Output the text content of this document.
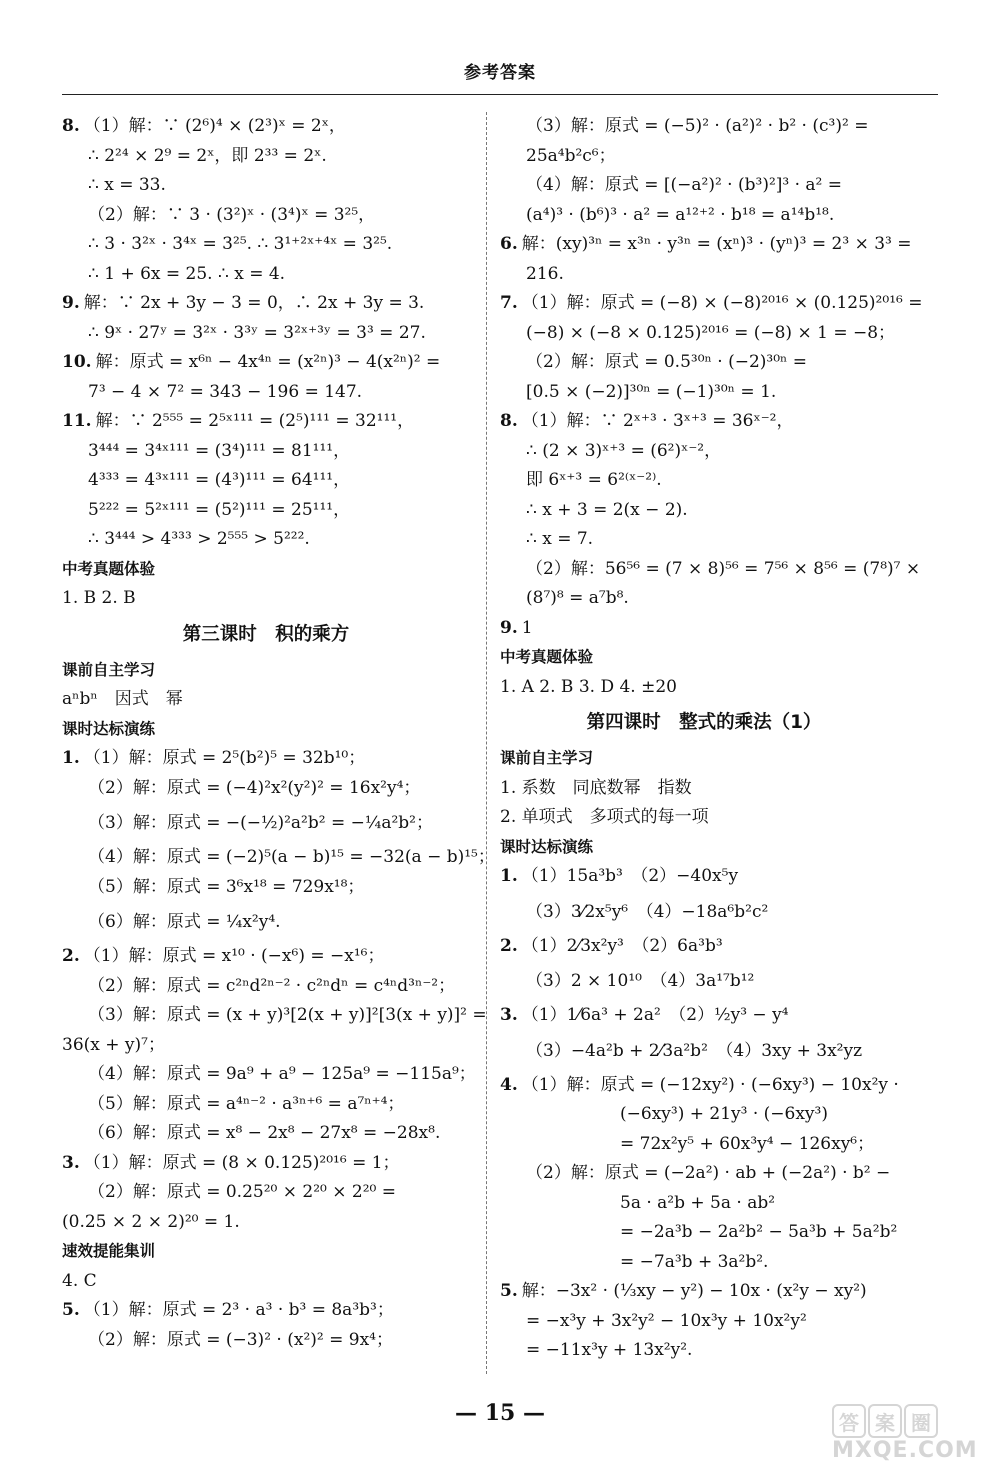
参考答案
8. （1）解：∵ (2⁶)⁴ × (2³)ˣ = 2ˣ，
∴ 2²⁴ × 2⁹ = 2ˣ，即 2³³ = 2ˣ.
∴ x = 33.
（2）解：∵ 3 · (3²)ˣ · (3⁴)ˣ = 3²⁵，
∴ 3 · 3²ˣ · 3⁴ˣ = 3²⁵. ∴ 3¹⁺²ˣ⁺⁴ˣ = 3²⁵.
∴ 1 + 6x = 25. ∴ x = 4.
9. 解：∵ 2x + 3y − 3 = 0，∴ 2x + 3y = 3.
∴ 9ˣ · 27ʸ = 3²ˣ · 3³ʸ = 3²ˣ⁺³ʸ = 3³ = 27.
10. 解：原式 = x⁶ⁿ − 4x⁴ⁿ = (x²ⁿ)³ − 4(x²ⁿ)² =
7³ − 4 × 7² = 343 − 196 = 147.
11. 解：∵ 2⁵⁵⁵ = 2⁵ˣ¹¹¹ = (2⁵)¹¹¹ = 32¹¹¹，
3⁴⁴⁴ = 3⁴ˣ¹¹¹ = (3⁴)¹¹¹ = 81¹¹¹，
4³³³ = 4³ˣ¹¹¹ = (4³)¹¹¹ = 64¹¹¹，
5²²² = 5²ˣ¹¹¹ = (5²)¹¹¹ = 25¹¹¹，
∴ 3⁴⁴⁴ > 4³³³ > 2⁵⁵⁵ > 5²²².
中考真题体验
1. B 2. B
第三课时　积的乘方
课前自主学习
aⁿbⁿ　因式　幂
课时达标演练
1. （1）解：原式 = 2⁵(b²)⁵ = 32b¹⁰；
（2）解：原式 = (−4)²x²(y²)² = 16x²y⁴；
（3）解：原式 = −(−½)²a²b² = −¼a²b²；
（4）解：原式 = (−2)⁵(a − b)¹⁵ = −32(a − b)¹⁵；
（5）解：原式 = 3⁶x¹⁸ = 729x¹⁸；
（6）解：原式 = ¼x²y⁴.
2. （1）解：原式 = x¹⁰ · (−x⁶) = −x¹⁶；
（2）解：原式 = c²ⁿd²ⁿ⁻² · c²ⁿdⁿ = c⁴ⁿd³ⁿ⁻²；
（3）解：原式 = (x + y)³[2(x + y)]²[3(x + y)]² =
36(x + y)⁷；
（4）解：原式 = 9a⁹ + a⁹ − 125a⁹ = −115a⁹；
（5）解：原式 = a⁴ⁿ⁻² · a³ⁿ⁺⁶ = a⁷ⁿ⁺⁴；
（6）解：原式 = x⁸ − 2x⁸ − 27x⁸ = −28x⁸.
3. （1）解：原式 = (8 × 0.125)²⁰¹⁶ = 1；
（2）解：原式 = 0.25²⁰ × 2²⁰ × 2²⁰ =
(0.25 × 2 × 2)²⁰ = 1.
速效提能集训
4. C
5. （1）解：原式 = 2³ · a³ · b³ = 8a³b³；
（2）解：原式 = (−3)² · (x²)² = 9x⁴；
（3）解：原式 = (−5)² · (a²)² · b² · (c³)² =
25a⁴b²c⁶；
（4）解：原式 = [(−a²)² · (b³)²]³ · a² =
(a⁴)³ · (b⁶)³ · a² = a¹²⁺² · b¹⁸ = a¹⁴b¹⁸.
6. 解：(xy)³ⁿ = x³ⁿ · y³ⁿ = (xⁿ)³ · (yⁿ)³ = 2³ × 3³ =
216.
7. （1）解：原式 = (−8) × (−8)²⁰¹⁶ × (0.125)²⁰¹⁶ =
(−8) × (−8 × 0.125)²⁰¹⁶ = (−8) × 1 = −8；
（2）解：原式 = 0.5³⁰ⁿ · (−2)³⁰ⁿ =
[0.5 × (−2)]³⁰ⁿ = (−1)³⁰ⁿ = 1.
8. （1）解：∵ 2ˣ⁺³ · 3ˣ⁺³ = 36ˣ⁻²，
∴ (2 × 3)ˣ⁺³ = (6²)ˣ⁻²，
即 6ˣ⁺³ = 6²⁽ˣ⁻²⁾.
∴ x + 3 = 2(x − 2).
∴ x = 7.
（2）解：56⁵⁶ = (7 × 8)⁵⁶ = 7⁵⁶ × 8⁵⁶ = (7⁸)⁷ ×
(8⁷)⁸ = a⁷b⁸.
9. 1
中考真题体验
1. A 2. B 3. D 4. ±20
第四课时　整式的乘法（1）
课前自主学习
1. 系数　同底数幂　指数
2. 单项式　多项式的每一项
课时达标演练
1. （1）15a³b³　（2）−40x⁵y
（3）3⁄2x⁵y⁶　（4）−18a⁶b²c²
2. （1）2⁄3x²y³　（2）6a³b³
（3）2 × 10¹⁰　（4）3a¹⁷b¹²
3. （1）1⁄6a³ + 2a²　（2）½y³ − y⁴
（3）−4a²b + 2⁄3a²b²　（4）3xy + 3x²yz
4. （1）解：原式 = (−12xy²) · (−6xy³) − 10x²y ·
(−6xy³) + 21y³ · (−6xy³)
= 72x²y⁵ + 60x³y⁴ − 126xy⁶；
（2）解：原式 = (−2a²) · ab + (−2a²) · b² −
5a · a²b + 5a · ab²
= −2a³b − 2a²b² − 5a³b + 5a²b²
= −7a³b + 3a²b².
5. 解：−3x² · (⅓xy − y²) − 10x · (x²y − xy²)
= −x³y + 3x²y² − 10x³y + 10x²y²
= −11x³y + 13x²y².
— 15 —	答 案 圈
MXQE.COM
